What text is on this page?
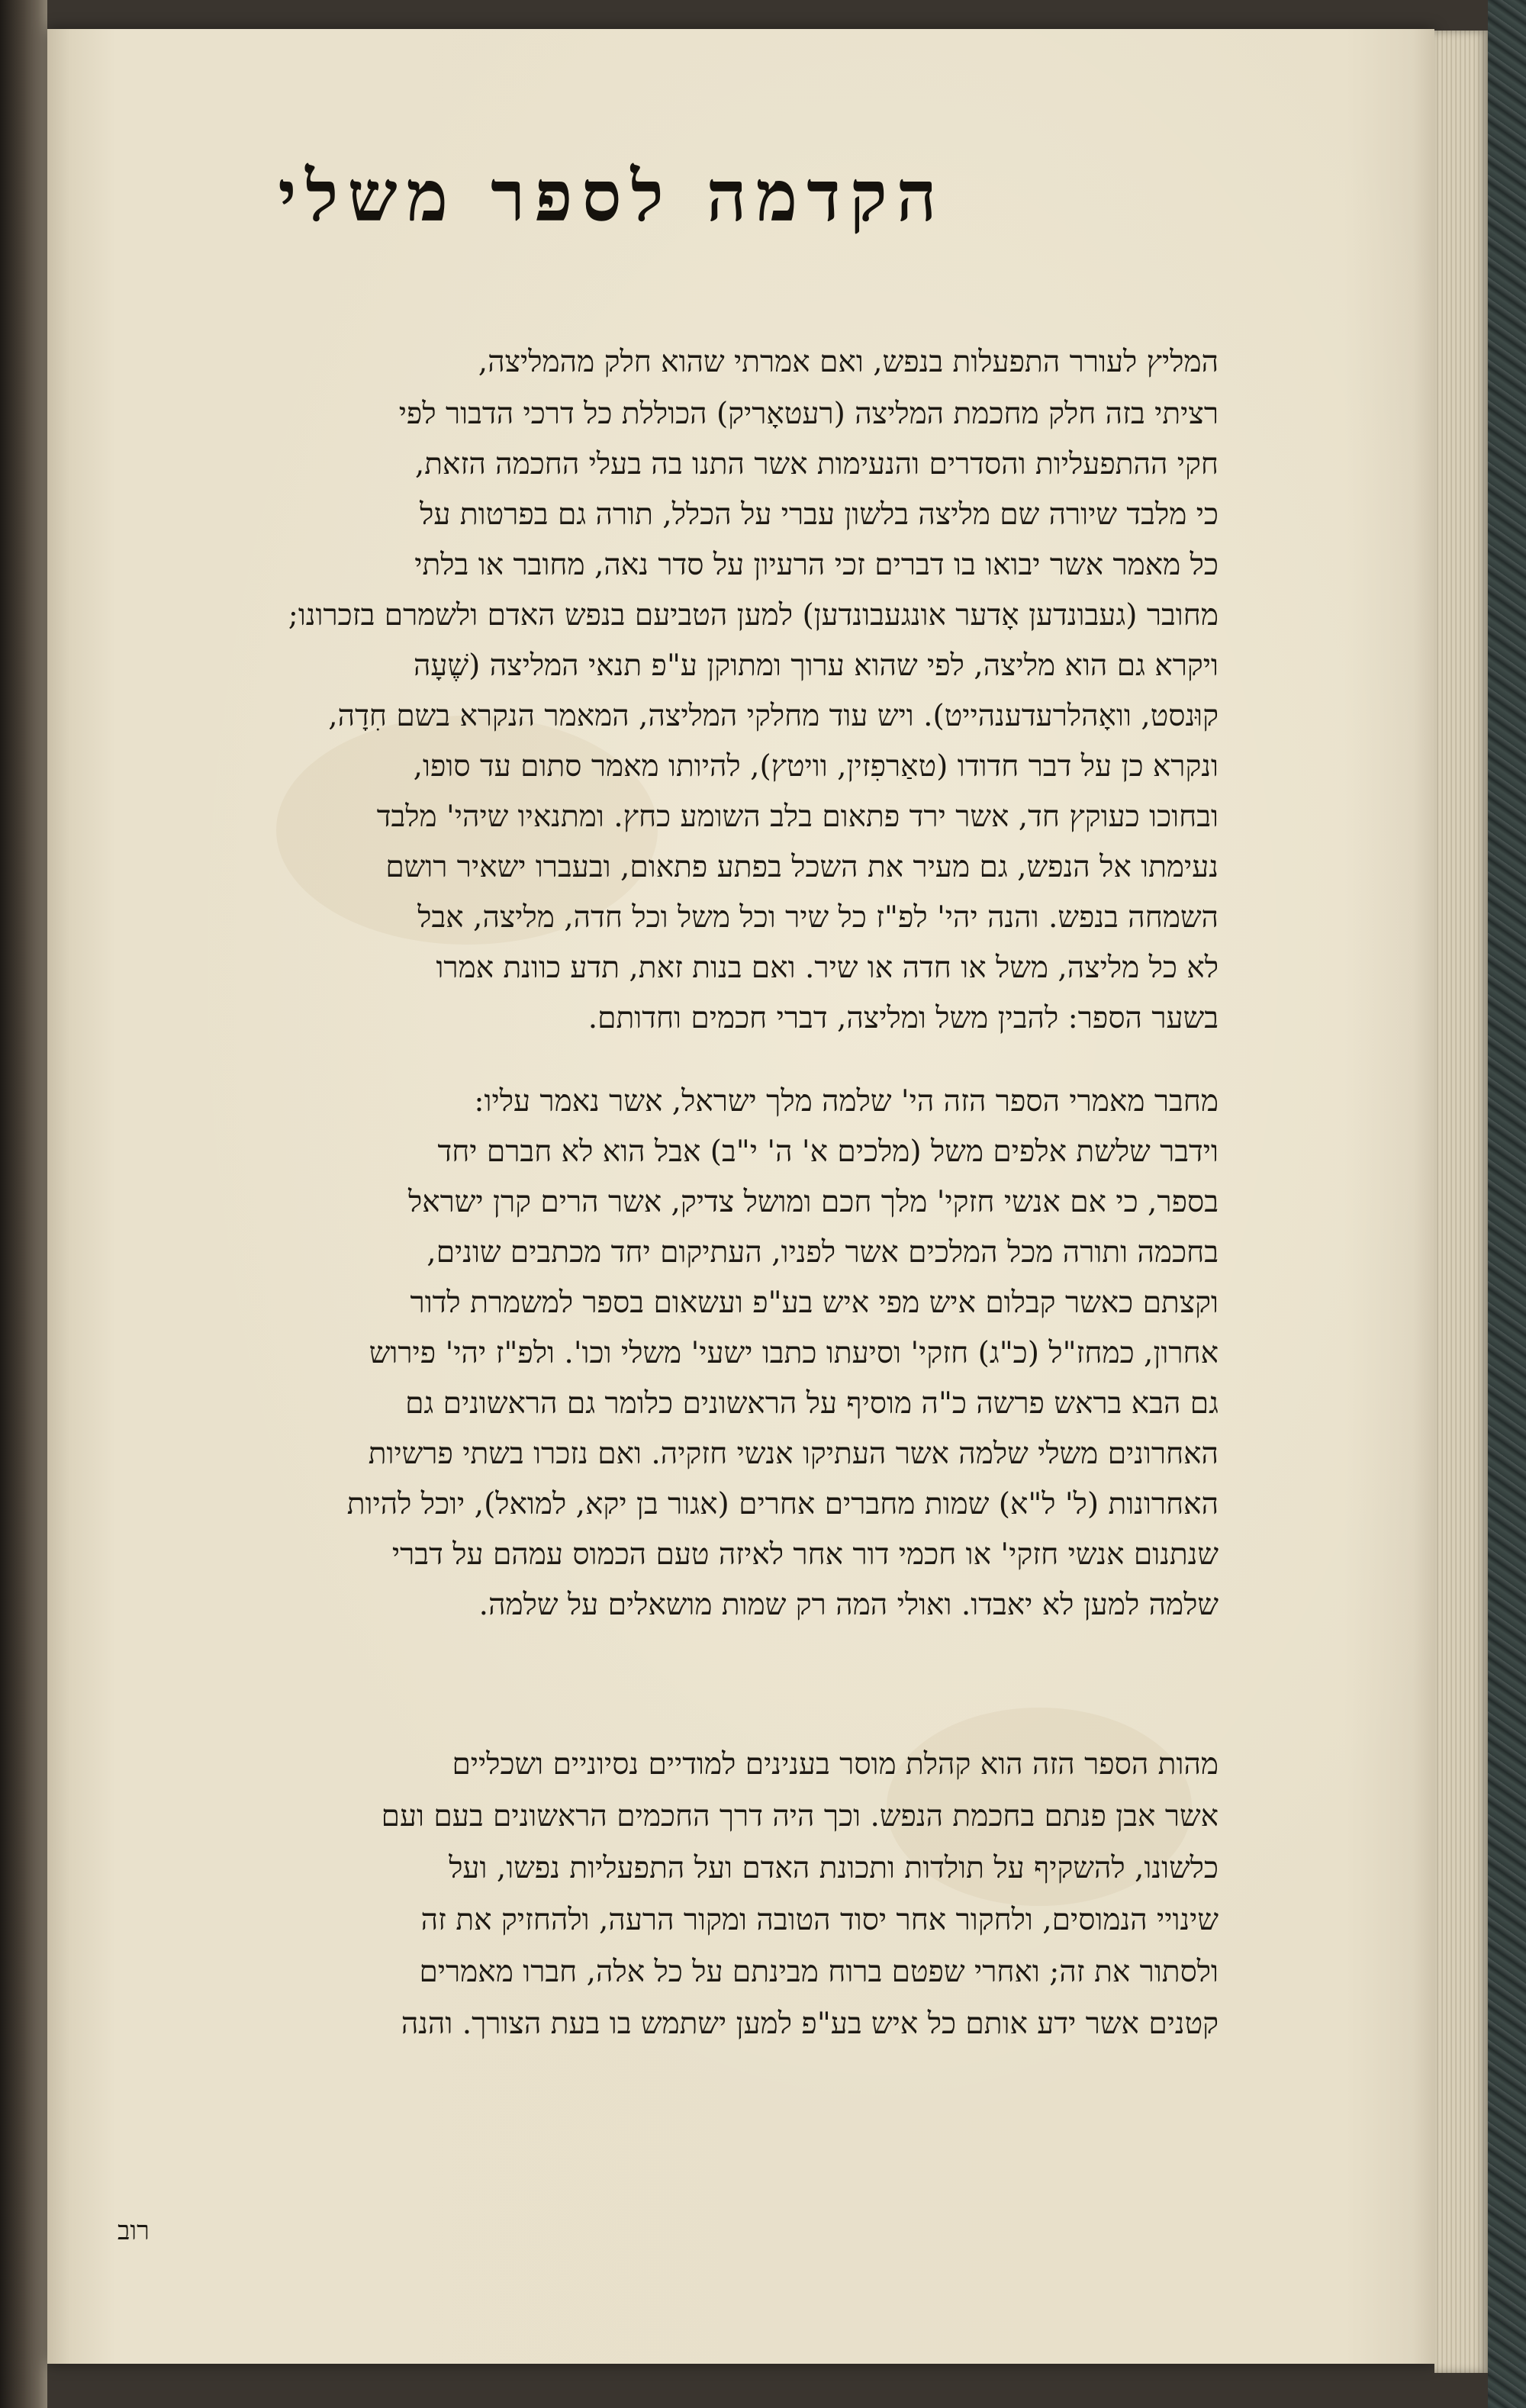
הקדמה לספר משלי
המליץ לעורר התפעלות בנפש, ואם אמרתי שהוא חלק מהמליצה,
רציתי בזה חלק מחכמת המליצה (רעטאָריק) הכוללת כל דרכי הדבור לפי
חקי ההתפעליות והסדרים והנעימות אשר התנו בה בעלי החכמה הזאת,
כי מלבד שיורה שם מליצה בלשון עברי על הכלל, תורה גם בפרטות על
כל מאמר אשר יבואו בו דברים זכי הרעיון על סדר נאה, מחובר או בלתי
מחובר (געבונדען אָדער אונגעבונדען) למען הטביעם בנפש האדם ולשמרם בזכרונו;
ויקרא גם הוא מליצה, לפי שהוא ערוך ומתוקן ע"פ תנאי המליצה (שֶׁעָה
קוּנסט, וואָהלרעדענהייט). ויש עוד מחלקי המליצה, המאמר הנקרא בשם חִדָה,
ונקרא כן על דבר חדודו (טאַרפִזין, וויטץ), להיותו מאמר סתום עד סופו,
ובחוכו כעוקץ חד, אשר ירד פתאום בלב השומע כחץ. ומתנאיו שיהי' מלבד
נעימתו אל הנפש, גם מעיר את השכל בפתע פתאום, ובעברו ישאיר רושם
השמחה בנפש. והנה יהי' לפ"ז כל שיר וכל משל וכל חדה, מליצה, אבל
לא כל מליצה, משל או חדה או שיר. ואם בנות זאת, תדע כוונת אמרו
בשער הספר: להבין משל ומליצה, דברי חכמים וחדותם.
מחבר מאמרי הספר הזה הי' שלמה מלך ישראל, אשר נאמר עליו:
וידבר שלשת אלפים משל (מלכים א' ה' י"ב) אבל הוא לא חברם יחד
בספר, כי אם אנשי חזקי' מלך חכם ומושל צדיק, אשר הרים קרן ישראל
בחכמה ותורה מכל המלכים אשר לפניו, העתיקום יחד מכתבים שונים,
וקצתם כאשר קבלום איש מפי איש בע"פ ועשאום בספר למשמרת לדור
אחרון, כמחז"ל (כ"ג) חזקי' וסיעתו כתבו ישעי' משלי וכו'. ולפ"ז יהי' פירוש
גם הבא בראש פרשה כ"ה מוסיף על הראשונים כלומר גם הראשונים גם
האחרונים משלי שלמה אשר העתיקו אנשי חזקיה. ואם נזכרו בשתי פרשיות
האחרונות (ל' ל"א) שמות מחברים אחרים (אגור בן יקא, למואל), יוכל להיות
שנתנום אנשי חזקי' או חכמי דור אחר לאיזה טעם הכמוס עמהם על דברי
שלמה למען לא יאבדו. ואולי המה רק שמות מושאלים על שלמה.
מהות הספר הזה הוא קהלת מוסר בענינים למודיים נסיוניים ושכליים
אשר אבן פנתם בחכמת הנפש. וכך היה דרך החכמים הראשונים בעם ועם
כלשונו, להשקיף על תולדות ותכונת האדם ועל התפעליות נפשו, ועל
שינויי הנמוסים, ולחקור אחר יסוד הטובה ומקור הרעה, ולהחזיק את זה
ולסתור את זה; ואחרי שפטם ברוח מבינתם על כל אלה, חברו מאמרים
קטנים אשר ידע אותם כל איש בע"פ למען ישתמש בו בעת הצורך. והנה
רוב
